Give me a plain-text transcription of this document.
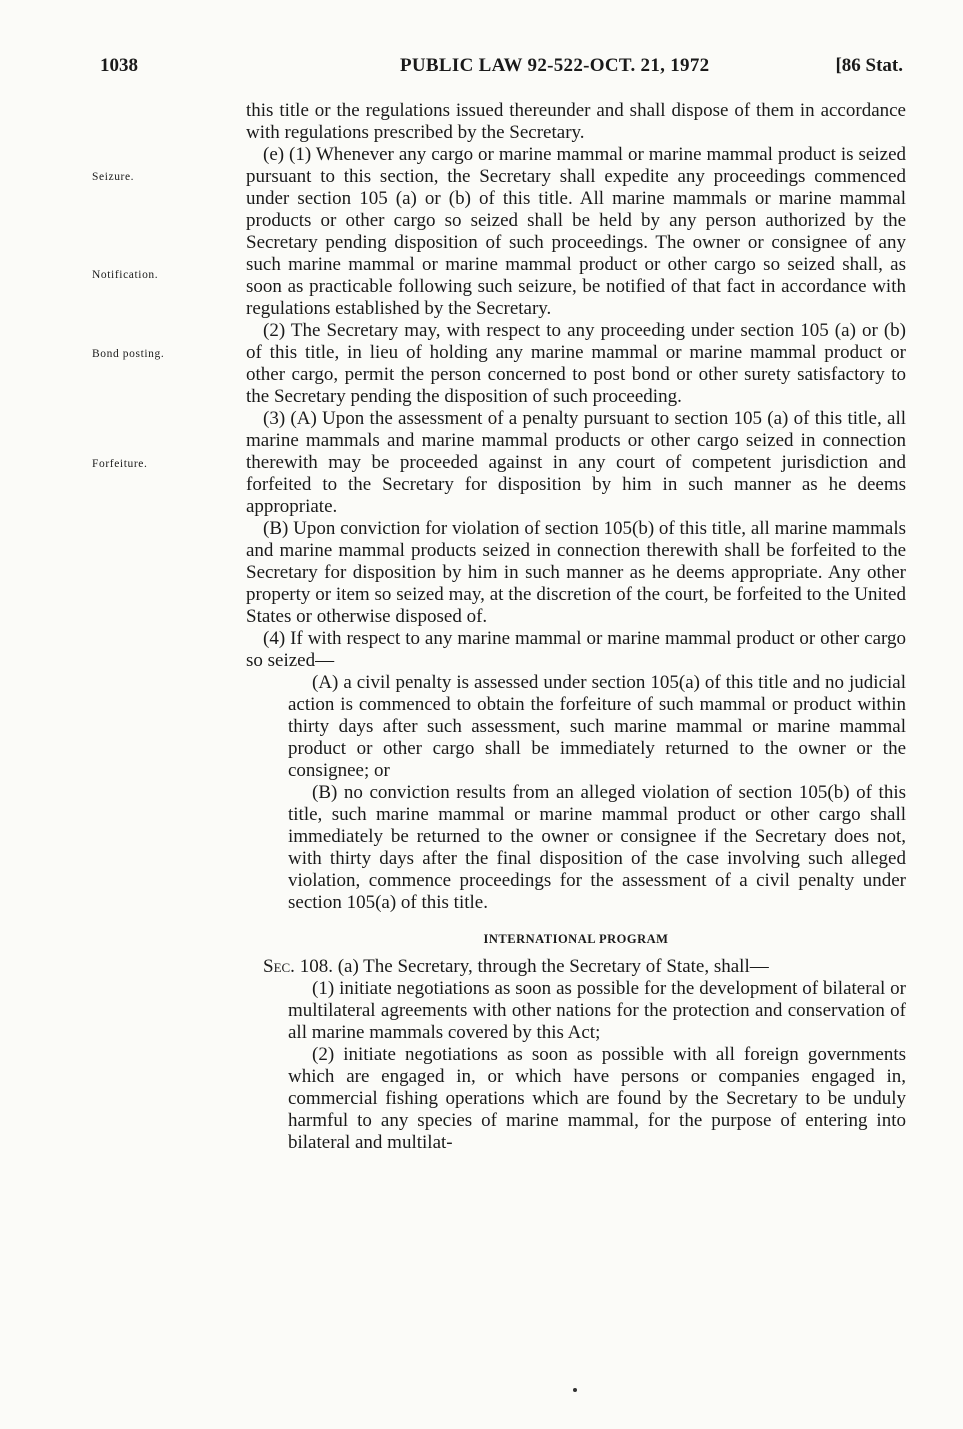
1038	PUBLIC LAW 92-522-OCT. 21, 1972	[86 Stat.
Seizure.
Notification.
Bond posting.
Forfeiture.

this title or the regulations issued thereunder and shall dispose of them in accordance with regulations prescribed by the Secretary.

(e) (1) Whenever any cargo or marine mammal or marine mammal product is seized pursuant to this section, the Secretary shall expedite any proceedings commenced under section 105 (a) or (b) of this title. All marine mammals or marine mammal products or other cargo so seized shall be held by any person authorized by the Secretary pending disposition of such proceedings. The owner or consignee of any such marine mammal or marine mammal product or other cargo so seized shall, as soon as practicable following such seizure, be notified of that fact in accordance with regulations established by the Secretary.

(2) The Secretary may, with respect to any proceeding under section 105 (a) or (b) of this title, in lieu of holding any marine mammal or marine mammal product or other cargo, permit the person concerned to post bond or other surety satisfactory to the Secretary pending the disposition of such proceeding.

(3) (A) Upon the assessment of a penalty pursuant to section 105 (a) of this title, all marine mammals and marine mammal products or other cargo seized in connection therewith may be proceeded against in any court of competent jurisdiction and forfeited to the Secretary for disposition by him in such manner as he deems appropriate.

(B) Upon conviction for violation of section 105(b) of this title, all marine mammals and marine mammal products seized in connection therewith shall be forfeited to the Secretary for disposition by him in such manner as he deems appropriate. Any other property or item so seized may, at the discretion of the court, be forfeited to the United States or otherwise disposed of.

(4) If with respect to any marine mammal or marine mammal product or other cargo so seized—

(A) a civil penalty is assessed under section 105(a) of this title and no judicial action is commenced to obtain the forfeiture of such mammal or product within thirty days after such assessment, such marine mammal or marine mammal product or other cargo shall be immediately returned to the owner or the consignee; or

(B) no conviction results from an alleged violation of section 105(b) of this title, such marine mammal or marine mammal product or other cargo shall immediately be returned to the owner or consignee if the Secretary does not, with thirty days after the final disposition of the case involving such alleged violation, commence proceedings for the assessment of a civil penalty under section 105(a) of this title.

INTERNATIONAL PROGRAM

Sec. 108. (a) The Secretary, through the Secretary of State, shall—

(1) initiate negotiations as soon as possible for the development of bilateral or multilateral agreements with other nations for the protection and conservation of all marine mammals covered by this Act;

(2) initiate negotiations as soon as possible with all foreign governments which are engaged in, or which have persons or companies engaged in, commercial fishing operations which are found by the Secretary to be unduly harmful to any species of marine mammal, for the purpose of entering into bilateral and multilat-
